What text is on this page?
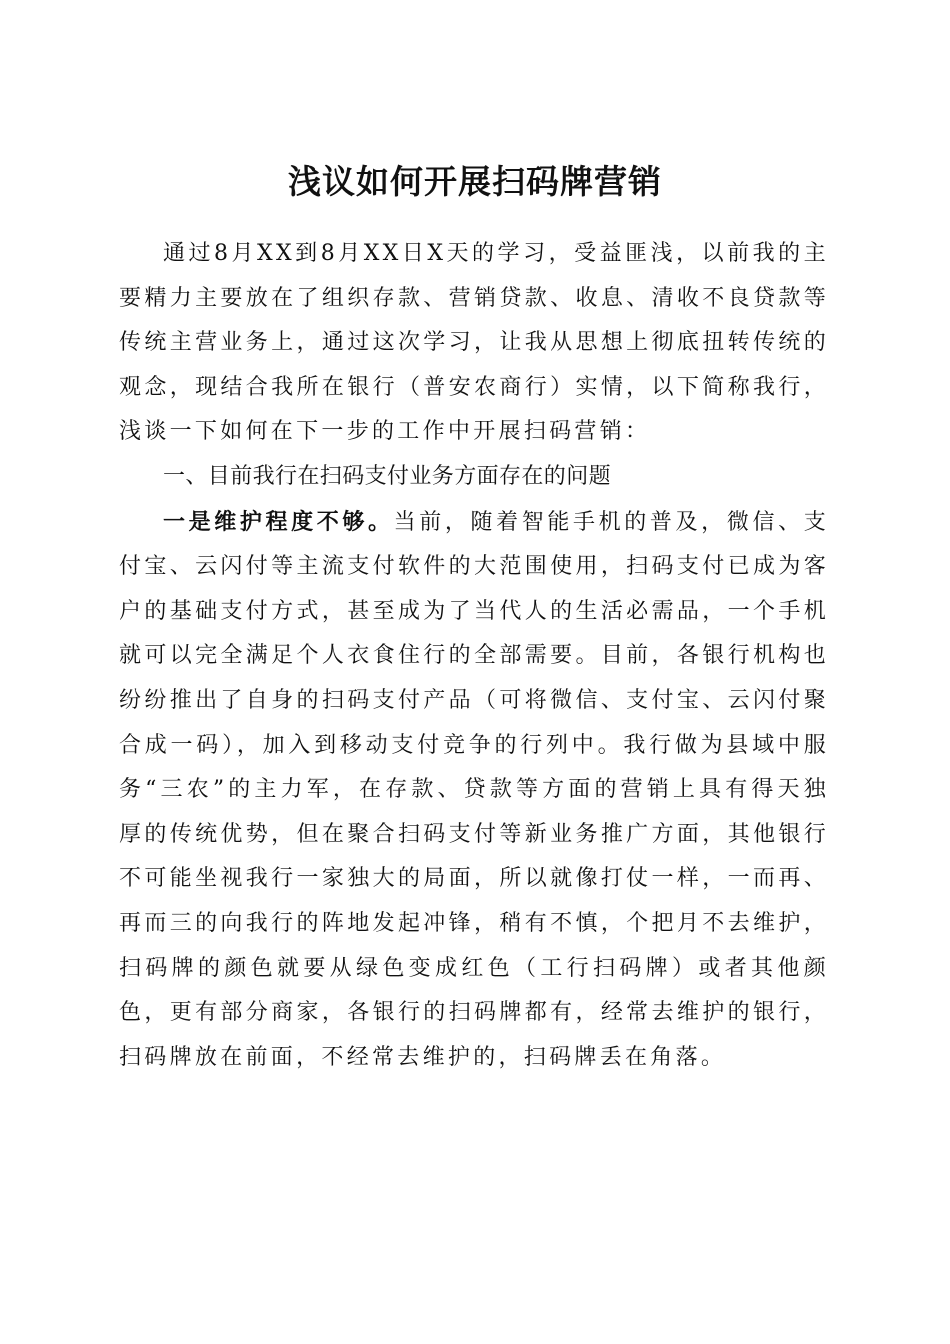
浅议如何开展扫码牌营销

通过8月XX到8月XX日X天的学习，受益匪浅，以前我的主要精力主要放在了组织存款、营销贷款、收息、清收不良贷款等传统主营业务上，通过这次学习，让我从思想上彻底扭转传统的观念，现结合我所在银行（普安农商行）实情，以下简称我行，浅谈一下如何在下一步的工作中开展扫码营销：

一、目前我行在扫码支付业务方面存在的问题

一是维护程度不够。当前，随着智能手机的普及，微信、支付宝、云闪付等主流支付软件的大范围使用，扫码支付已成为客户的基础支付方式，甚至成为了当代人的生活必需品，一个手机就可以完全满足个人衣食住行的全部需要。目前，各银行机构也纷纷推出了自身的扫码支付产品（可将微信、支付宝、云闪付聚合成一码），加入到移动支付竞争的行列中。我行做为县域中服务“三农”的主力军，在存款、贷款等方面的营销上具有得天独厚的传统优势，但在聚合扫码支付等新业务推广方面，其他银行不可能坐视我行一家独大的局面，所以就像打仗一样，一而再、再而三的向我行的阵地发起冲锋，稍有不慎，个把月不去维护，扫码牌的颜色就要从绿色变成红色（工行扫码牌）或者其他颜色，更有部分商家，各银行的扫码牌都有，经常去维护的银行，扫码牌放在前面，不经常去维护的，扫码牌丢在角落。
